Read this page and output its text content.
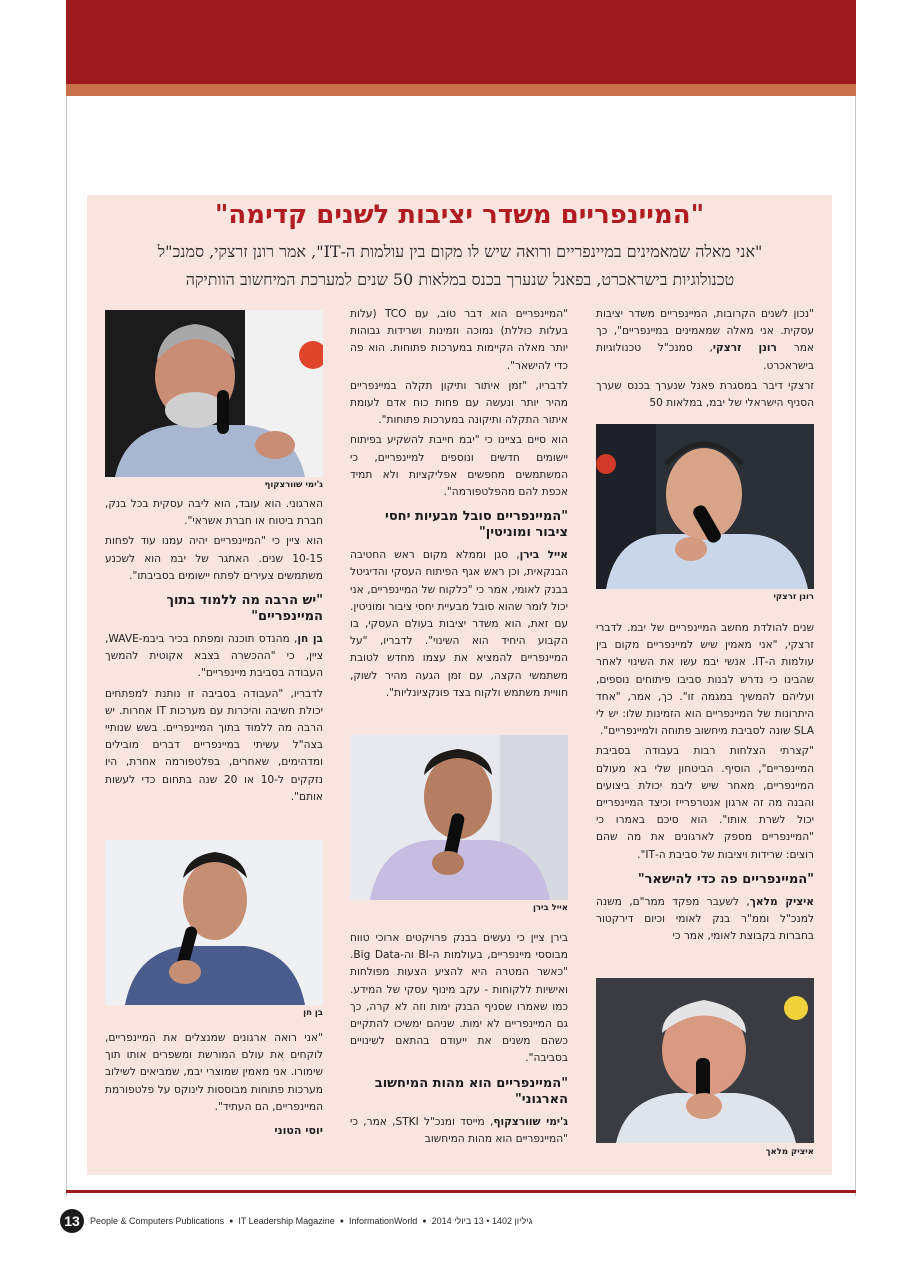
"המיינפריים משדר יציבות לשנים קדימה"
"אני מאלה שמאמינים במיינפריים ורואה שיש לו מקום בין עולמות ה-IT", אמר רונן זרצקי, סמנכ"ל
טכנולוגיות בישראכרט, בפאנל שנערך בכנס במלאות 50 שנים למערכת המיחשוב הוותיקה

"נכון לשנים הקרובות, המיינפריים משדר יציבות עסקית. אני מאלה שמאמינים במיינפריים", כך אמר רונן זרצקי, סמנכ"ל טכנולוגיות בישראכרט.

זרצקי דיבר במסגרת פאנל שנערך בכנס שערך הסניף הישראלי של יבמ, במלאות 50

רונן זרצקי

שנים להולדת מחשב המיינפריים של יבמ. לדברי זרצקי, "אני מאמין שיש למיינפריים מקום בין עולמות ה-IT. אנשי יבמ עשו את השינוי לאחר שהבינו כי נדרש לבנות סביבו פיתוחים נוספים, ועליהם להמשיך במגמה זו". כך, אמר, "אחד היתרונות של המיינפריים הוא הזמינות שלו: יש לי SLA שונה לסביבת מיחשוב פתוחה ולמיינפריים".

"קצרתי הצלחות רבות בעבודה בסביבת המיינפריים", הוסיף. הביטחון שלי בא מעולם המיינפריים, מאחר שיש ליבמ יכולת ביצועים והבנה מה זה ארגון אנטרפרייז וכיצד המיינפריים יכול לשרת אותו". הוא סיכם באמרו כי "המיינפריים מספק לארגונים את מה שהם רוצים: שרידות ויציבות של סביבת ה-IT".

"המיינפריים פה כדי להישאר"

איציק מלאך, לשעבר מפקד ממר"ם, משנה למנכ"ל וממ"ר בנק לאומי וכיום דירקטור בחברות בקבוצת לאומי, אמר כי

איציק מלאך

"המיינפריים הוא דבר טוב, עם TCO (עלות בעלות כוללת) נמוכה וזמינות ושרידות גבוהות יותר מאלה הקיימות במערכות פתוחות. הוא פה כדי להישאר".

לדבריו, "זמן איתור ותיקון תקלה במיינפריים מהיר יותר ונעשה עם פחות כוח אדם לעומת איתור התקלה ותיקונה במערכות פתוחות".

הוא סיים בציינו כי "יבמ חייבת להשקיע בפיתוח יישומים חדשים ונוספים למיינפריים, כי המשתמשים מחפשים אפליקציות ולא תמיד אכפת להם מהפלטפורמה".

"המיינפריים סובל מבעיות יחסי ציבור ומוניטין"

אייל בירן, סגן וממלא מקום ראש החטיבה הבנקאית, וכן ראש אגף הפיתוח העסקי והדיגיטל בבנק לאומי, אמר כי "כלקוח של המיינפריים, אני יכול לומר שהוא סובל מבעיית יחסי ציבור ומוניטין. עם זאת, הוא משדר יציבות בעולם העסקי, בו הקבוע היחיד הוא השינוי". לדבריו, "על המיינפריים להמציא את עצמו מחדש לטובת משתמשי הקצה, עם זמן הגעה מהיר לשוק, חוויית משתמש ולקוח בצד פונקציונליות".

אייל בירן

בירן ציין כי נעשים בבנק פרויקטים ארוכי טווח מבוססי מיינפריים, בעולמות ה-BI וה-Big Data. "כאשר המטרה היא להציע הצעות מפולחות ואישיות ללקוחות - עקב מינוף עסקי של המידע. כמו שאמרו שסניף הבנק ימות וזה לא קרה, כך גם המיינפריים לא ימות. שניהם ימשיכו להתקיים כשהם משנים את ייעודם בהתאם לשינויים בסביבה".

"המיינפריים הוא מהות המיחשוב הארגוני"

ג'ימי שוורצקוף, מייסד ומנכ"ל STKI, אמר, כי "המיינפריים הוא מהות המיחשוב

ג'ימי שוורצקוף

הארגוני. הוא עובד, הוא ליבה עסקית בכל בנק, חברת ביטוח או חברת אשראי".

הוא ציין כי "המיינפריים יהיה עמנו עוד לפחות 10-15 שנים. האתגר של יבמ הוא לשכנע משתמשים צעירים לפתח יישומים בסביבתו".

"יש הרבה מה ללמוד בתוך המיינפריים"

בן חן, מהנדס תוכנה ומפתח בכיר ביבמ-WAVE, ציין, כי "ההכשרה בצבא אקוטית להמשך העבודה בסביבת מיינפריים".

לדבריו, "העבודה בסביבה זו נותנת למפתחים יכולת חשיבה והיכרות עם מערכות IT אחרות. יש הרבה מה ללמוד בתוך המיינפריים. בשש שנותיי בצה"ל עשיתי במיינפריים דברים מובילים ומדהימים, שאחרים, בפלטפורמה אחרת, היו נזקקים ל-10 או 20 שנה בתחום כדי לעשות אותם".

בן חן

"אני רואה ארגונים שמנצלים את המיינפריים, לוקחים את עולם המורשת ומשפרים אותו תוך שימורו. אני מאמין שמוצרי יבמ, שמביאים לשילוב מערכות פתוחות מבוססות לינוקס על פלטפורמת המיינפריים, הם העתיד".

יוסי הטוני
13	People & Computers Publications ● IT Leadership Magazine ● InformationWorld ● גיליון 1402 • 13 ביולי 2014
